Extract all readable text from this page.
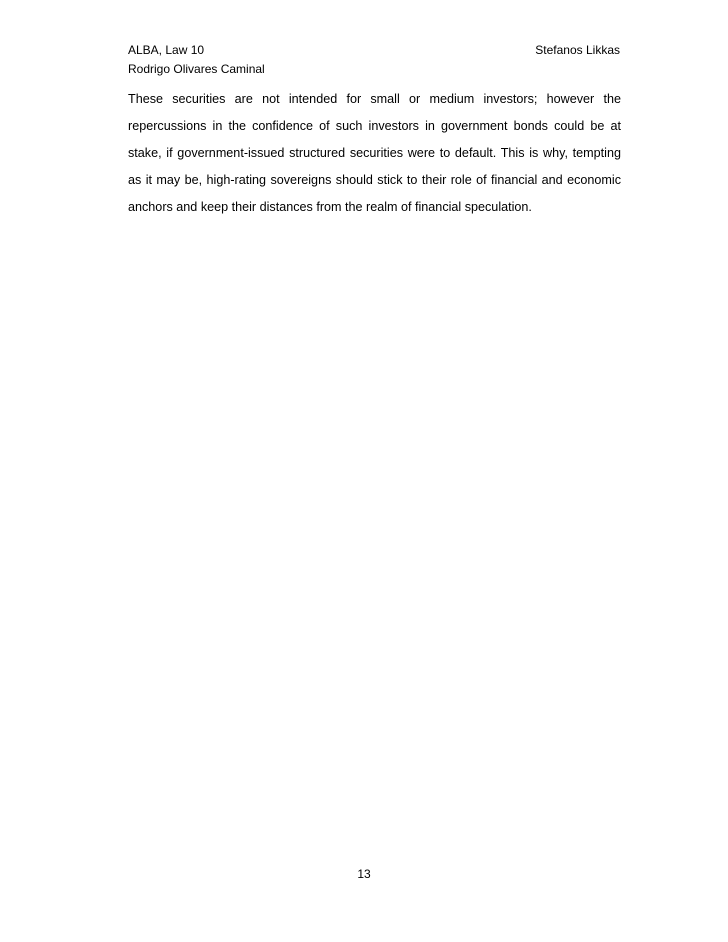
ALBA, Law 10
Rodrigo Olivares Caminal
Stefanos Likkas

These securities are not intended for small or medium investors; however the repercussions in the confidence of such investors in government bonds could be at stake, if government-issued structured securities were to default. This is why, tempting as it may be, high-rating sovereigns should stick to their role of financial and economic anchors and keep their distances from the realm of financial speculation.

13
